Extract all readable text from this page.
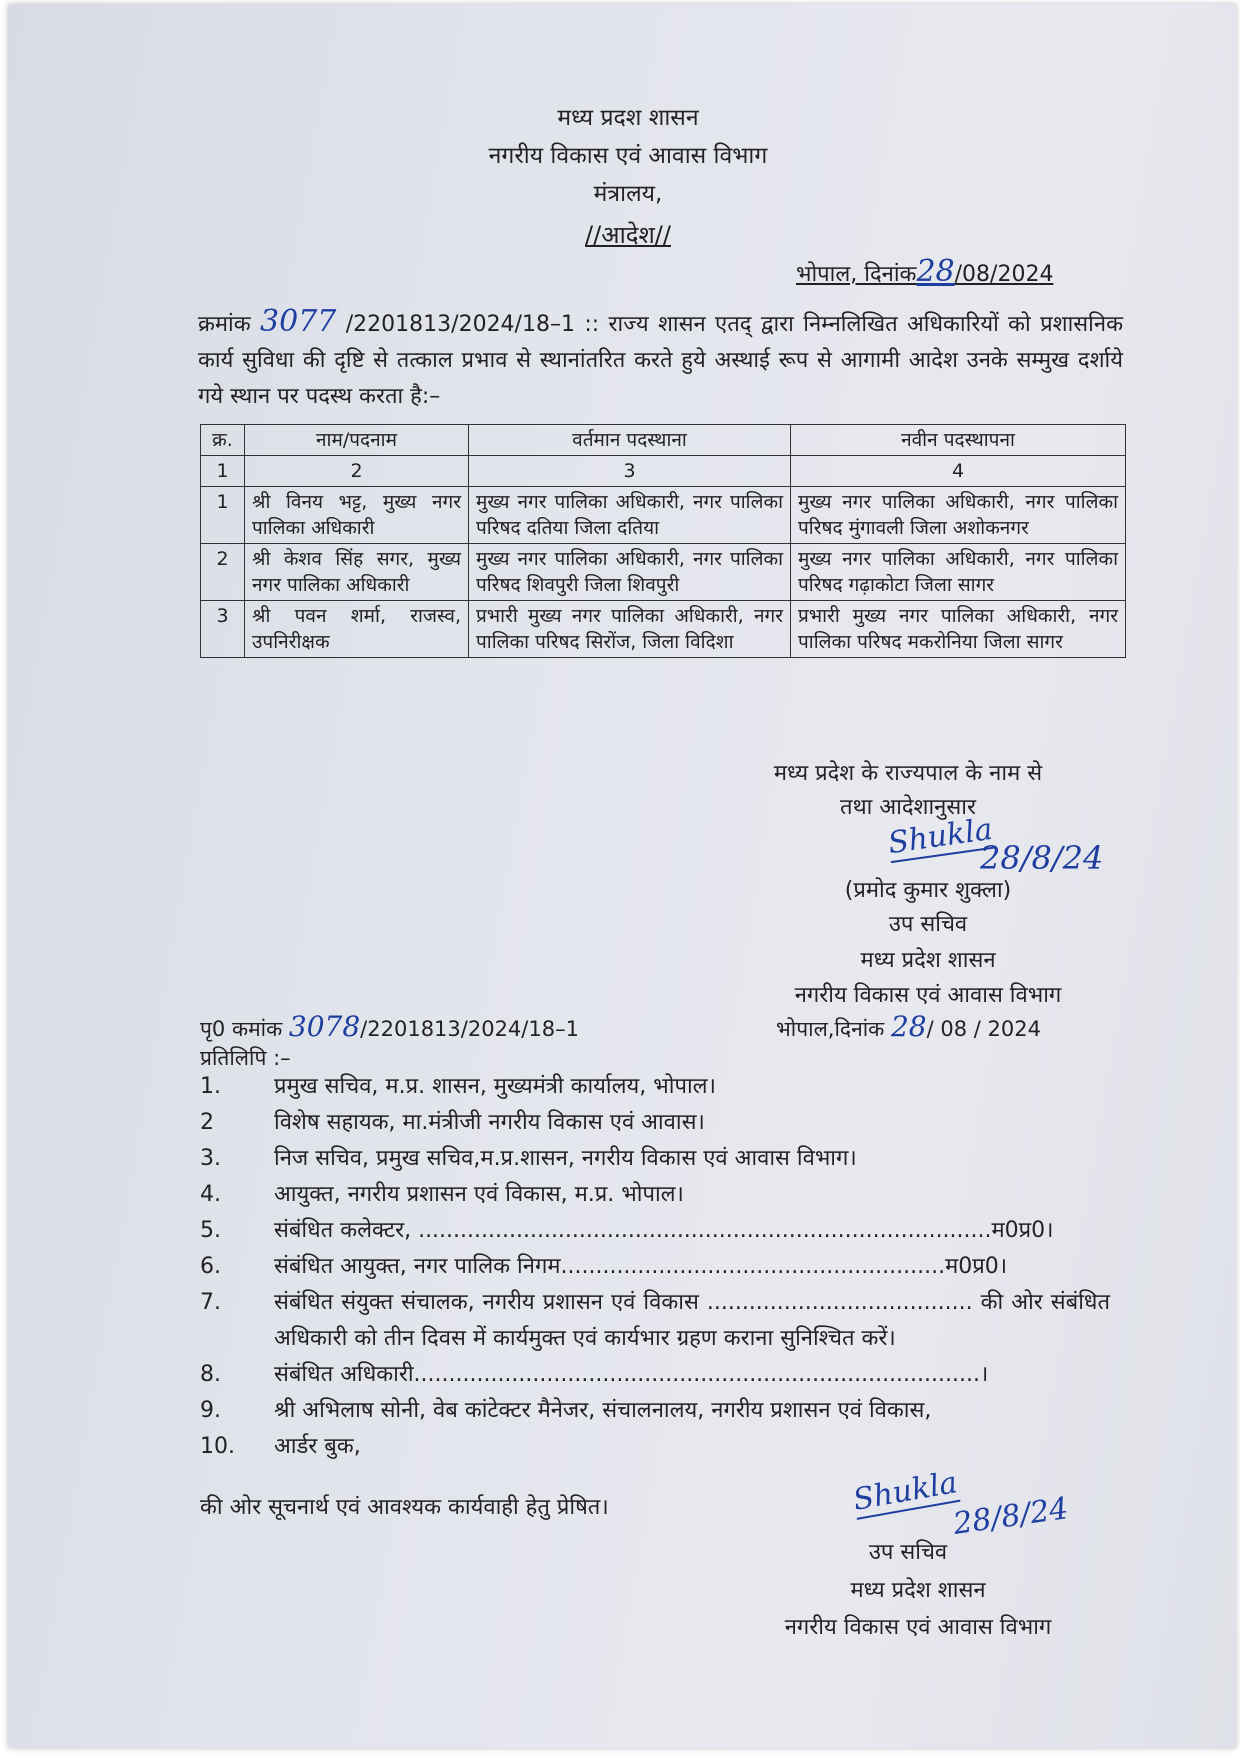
मध्य प्रदश शासन
नगरीय विकास एवं आवास विभाग
मंत्रालय,
//आदेश//
भोपाल, दिनांक28/08/2024

क्रमांक 3077 /2201813/2024/18–1 :: राज्य शासन एतद् द्वारा निम्नलिखित अधिकारियों को प्रशासनिक कार्य सुविधा की दृष्टि से तत्काल प्रभाव से स्थानांतरित करते हुये अस्थाई रूप से आगामी आदेश उनके सम्मुख दर्शाये गये स्थान पर पदस्थ करता है:–

क्र.	नाम/पदनाम	वर्तमान पदस्थाना	नवीन पदस्थापना
1	2	3	4
1	श्री विनय भट्ट, मुख्य नगर पालिका अधिकारी	मुख्य नगर पालिका अधिकारी, नगर पालिका परिषद दतिया जिला दतिया	मुख्य नगर पालिका अधिकारी, नगर पालिका परिषद मुंगावली जिला अशोकनगर
2	श्री केशव सिंह सगर, मुख्य नगर पालिका अधिकारी	मुख्य नगर पालिका अधिकारी, नगर पालिका परिषद शिवपुरी जिला शिवपुरी	मुख्य नगर पालिका अधिकारी, नगर पालिका परिषद गढ़ाकोटा जिला सागर
3	श्री पवन शर्मा, राजस्व, उपनिरीक्षक	प्रभारी मुख्य नगर पालिका अधिकारी, नगर पालिका परिषद सिरोंज, जिला विदिशा	प्रभारी मुख्य नगर पालिका अधिकारी, नगर पालिका परिषद मकरोनिया जिला सागर
मध्य प्रदेश के राज्यपाल के नाम से
तथा आदेशानुसार
Shukla
28/8/24
(प्रमोद कुमार शुक्ला)
उप सचिव
मध्य प्रदेश शासन
नगरीय विकास एवं आवास विभाग
पृ0 कमांक 3078/2201813/2024/18–1	भोपाल,दिनांक 28/ 08 / 2024
प्रतिलिपि :–
1.	प्रमुख सचिव, म.प्र. शासन, मुख्यमंत्री कार्यालय, भोपाल।
2	विशेष सहायक, मा.मंत्रीजी नगरीय विकास एवं आवास।
3.	निज सचिव, प्रमुख सचिव,म.प्र.शासन, नगरीय विकास एवं आवास विभाग।
4.	आयुक्त, नगरीय प्रशासन एवं विकास, म.प्र. भोपाल।
5.	संबंधित कलेक्टर, ..................................................................................म0प्र0।
6.	संबंधित आयुक्त, नगर पालिक निगम.......................................................म0प्र0।
7.	संबंधित संयुक्त संचालक, नगरीय प्रशासन एवं विकास ...................................... की ओर संबंधित अधिकारी को तीन दिवस में कार्यमुक्त एवं कार्यभार ग्रहण कराना सुनिश्चित करें।
8.	संबंधित अधिकारी.................................................................................।
9.	श्री अभिलाष सोनी, वेब कांटेक्टर मैनेजर, संचालनालय, नगरीय प्रशासन एवं विकास,
10.	आर्डर बुक,
की ओर सूचनार्थ एवं आवश्यक कार्यवाही हेतु प्रेषित।	Shukla
28/8/24
उप सचिव
मध्य प्रदेश शासन
नगरीय विकास एवं आवास विभाग
